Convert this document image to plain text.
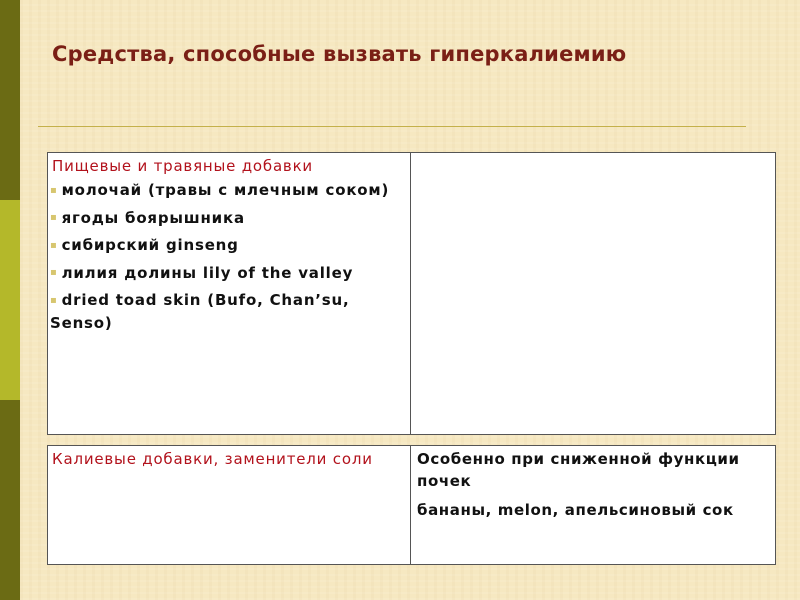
Средства, способные вызвать гиперкалиемию
Пищевые и травяные добавки
▪ молочай (травы с млечным соком)
▪ ягоды боярышника
▪ сибирский ginseng
▪ лилия долины lily of the valley
▪ dried toad skin (Bufo, Chan’su, Senso)

Калиевые добавки, заменители соли	Особенно при сниженной функции почек
бананы, melon, апельсиновый сок
